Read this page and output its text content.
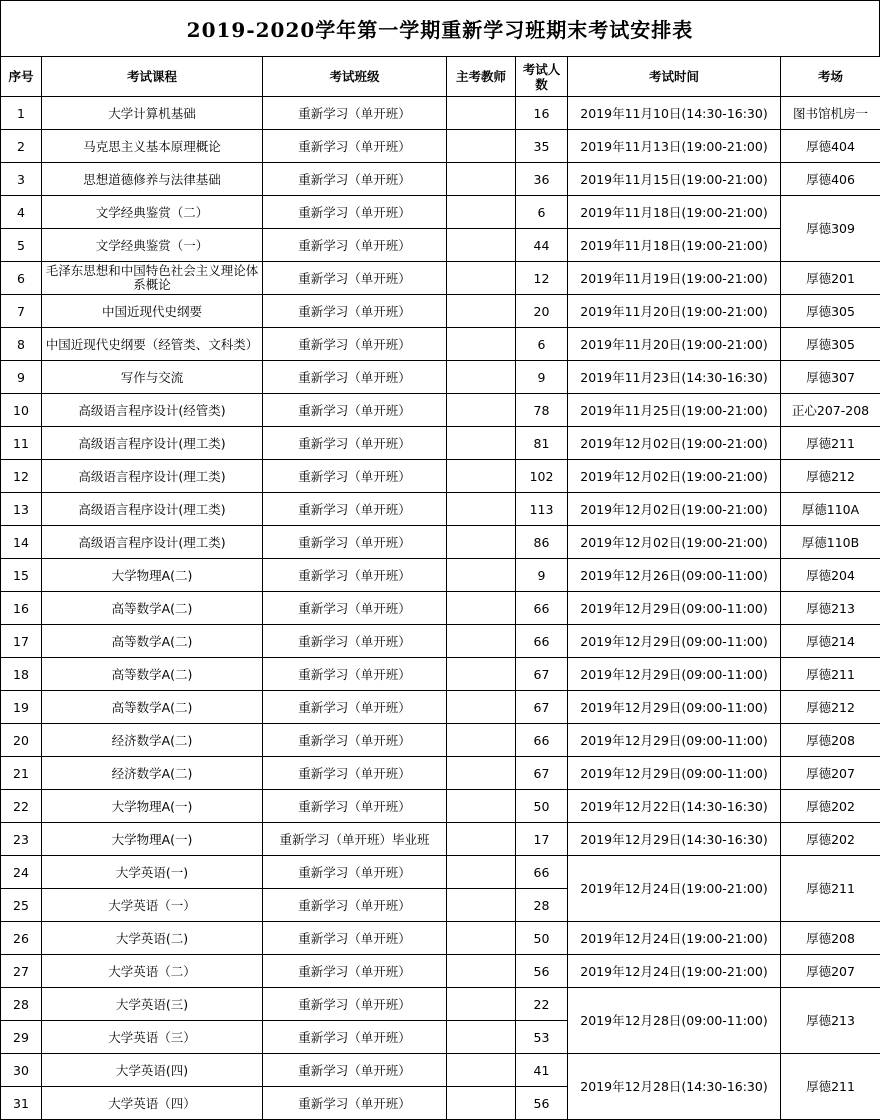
2019-2020学年第一学期重新学习班期末考试安排表
序号	考试课程	考试班级	主考教师	考试人数	考试时间	考场
1	大学计算机基础	重新学习（单开班）		16	2019年11月10日(14:30-16:30)	图书馆机房一
2	马克思主义基本原理概论	重新学习（单开班）		35	2019年11月13日(19:00-21:00)	厚德404
3	思想道德修养与法律基础	重新学习（单开班）		36	2019年11月15日(19:00-21:00)	厚德406
4	文学经典鉴赏（二）	重新学习（单开班）		6	2019年11月18日(19:00-21:00)	厚德309
5	文学经典鉴赏（一）	重新学习（单开班）		44	2019年11月18日(19:00-21:00)	
6	毛泽东思想和中国特色社会主义理论体系概论	重新学习（单开班）		12	2019年11月19日(19:00-21:00)	厚德201
7	中国近现代史纲要	重新学习（单开班）		20	2019年11月20日(19:00-21:00)	厚德305
8	中国近现代史纲要（经管类、文科类）	重新学习（单开班）		6	2019年11月20日(19:00-21:00)	厚德305
9	写作与交流	重新学习（单开班）		9	2019年11月23日(14:30-16:30)	厚德307
10	高级语言程序设计(经管类)	重新学习（单开班）		78	2019年11月25日(19:00-21:00)	正心207-208
11	高级语言程序设计(理工类)	重新学习（单开班）		81	2019年12月02日(19:00-21:00)	厚德211
12	高级语言程序设计(理工类)	重新学习（单开班）		102	2019年12月02日(19:00-21:00)	厚德212
13	高级语言程序设计(理工类)	重新学习（单开班）		113	2019年12月02日(19:00-21:00)	厚德110A
14	高级语言程序设计(理工类)	重新学习（单开班）		86	2019年12月02日(19:00-21:00)	厚德110B
15	大学物理A(二)	重新学习（单开班）		9	2019年12月26日(09:00-11:00)	厚德204
16	高等数学A(二)	重新学习（单开班）		66	2019年12月29日(09:00-11:00)	厚德213
17	高等数学A(二)	重新学习（单开班）		66	2019年12月29日(09:00-11:00)	厚德214
18	高等数学A(二)	重新学习（单开班）		67	2019年12月29日(09:00-11:00)	厚德211
19	高等数学A(二)	重新学习（单开班）		67	2019年12月29日(09:00-11:00)	厚德212
20	经济数学A(二)	重新学习（单开班）		66	2019年12月29日(09:00-11:00)	厚德208
21	经济数学A(二)	重新学习（单开班）		67	2019年12月29日(09:00-11:00)	厚德207
22	大学物理A(一)	重新学习（单开班）		50	2019年12月22日(14:30-16:30)	厚德202
23	大学物理A(一)	重新学习（单开班）毕业班		17	2019年12月29日(14:30-16:30)	厚德202
24	大学英语(一)	重新学习（单开班）		66	2019年12月24日(19:00-21:00)	厚德211
25	大学英语（一）	重新学习（单开班）		28		
26	大学英语(二)	重新学习（单开班）		50	2019年12月24日(19:00-21:00)	厚德208
27	大学英语（二）	重新学习（单开班）		56	2019年12月24日(19:00-21:00)	厚德207
28	大学英语(三)	重新学习（单开班）		22	2019年12月28日(09:00-11:00)	厚德213
29	大学英语（三）	重新学习（单开班）		53		
30	大学英语(四)	重新学习（单开班）		41	2019年12月28日(14:30-16:30)	厚德211
31	大学英语（四）	重新学习（单开班）		56		
